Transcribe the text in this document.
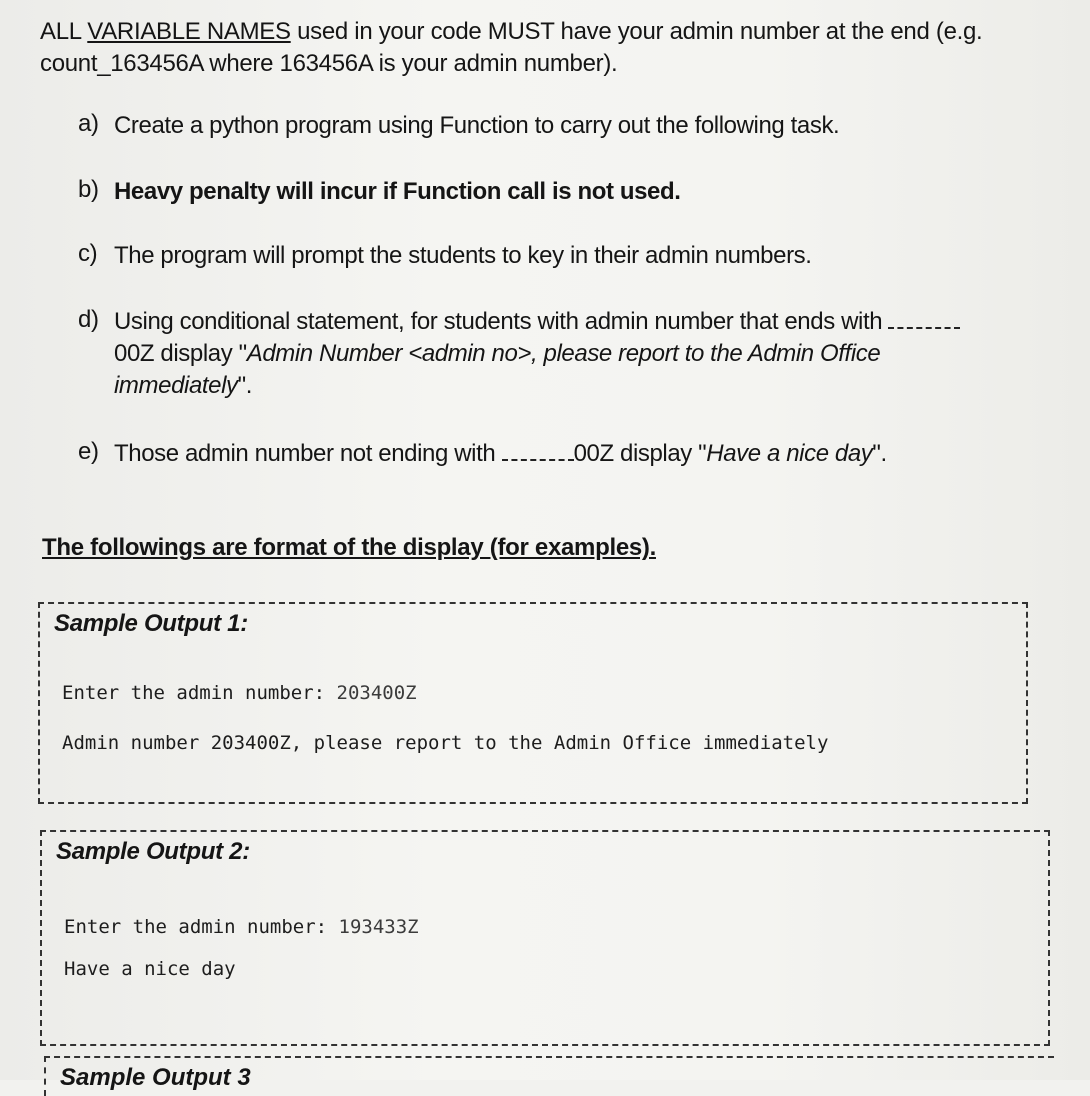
ALL VARIABLE NAMES used in your code MUST have your admin number at the end (e.g. count_163456A where 163456A is your admin number).
a) Create a python program using Function to carry out the following task.
b) Heavy penalty will incur if Function call is not used.
c) The program will prompt the students to key in their admin numbers.
d) Using conditional statement, for students with admin number that ends with 00Z display "Admin Number <admin no>, please report to the Admin Office immediately".
e) Those admin number not ending with	00Z display "Have a nice day".
The followings are format of the display (for examples).
Sample Output 1:
Enter the admin number: 203400Z
Admin number 203400Z, please report to the Admin Office immediately
Sample Output 2:
Enter the admin number: 193433Z
Have a nice day
Sample Output 3
